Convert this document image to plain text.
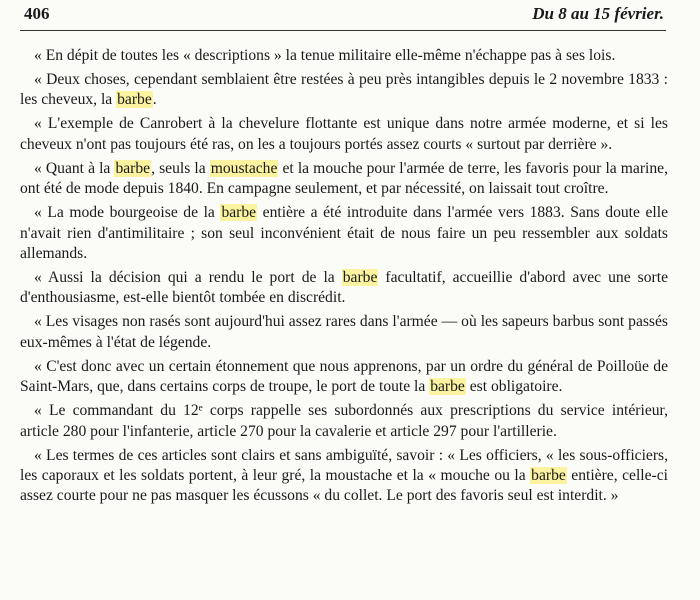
406	Du 8 au 15 février.

« En dépit de toutes les « descriptions » la tenue militaire elle-même n'échappe pas à ses lois.

« Deux choses, cependant semblaient être restées à peu près intangibles depuis le 2 novembre 1833 : les cheveux, la barbe.

« L'exemple de Canrobert à la chevelure flottante est unique dans notre armée moderne, et si les cheveux n'ont pas toujours été ras, on les a toujours portés assez courts « surtout par derrière ».

« Quant à la barbe, seuls la moustache et la mouche pour l'armée de terre, les favoris pour la marine, ont été de mode depuis 1840. En campagne seulement, et par nécessité, on laissait tout croître.

« La mode bourgeoise de la barbe entière a été introduite dans l'armée vers 1883. Sans doute elle n'avait rien d'antimilitaire ; son seul inconvénient était de nous faire un peu ressembler aux soldats allemands.

« Aussi la décision qui a rendu le port de la barbe facultatif, accueillie d'abord avec une sorte d'enthousiasme, est-elle bientôt tombée en discrédit.

« Les visages non rasés sont aujourd'hui assez rares dans l'armée — où les sapeurs barbus sont passés eux-mêmes à l'état de légende.

« C'est donc avec un certain étonnement que nous apprenons, par un ordre du général de Poilloüe de Saint-Mars, que, dans certains corps de troupe, le port de toute la barbe est obligatoire.

« Le commandant du 12ᵉ corps rappelle ses subordonnés aux prescriptions du service intérieur, article 280 pour l'infanterie, article 270 pour la cavalerie et article 297 pour l'artillerie.

« Les termes de ces articles sont clairs et sans ambiguïté, savoir : « Les officiers, « les sous-officiers, les caporaux et les soldats portent, à leur gré, la moustache et la « mouche ou la barbe entière, celle-ci assez courte pour ne pas masquer les écussons « du collet. Le port des favoris seul est interdit. »
